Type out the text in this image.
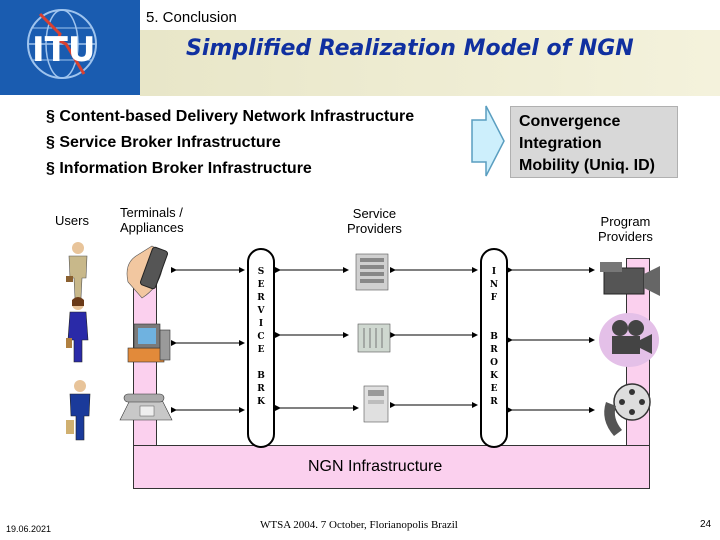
ITU
5. Conclusion
Simplified Realization Model of NGN
§ Content-based Delivery Network Infrastructure
§ Service Broker Infrastructure
§ Information Broker Infrastructure
Convergence
Integration
Mobility (Uniq. ID)
Users
Terminals /
Appliances
Service
Providers	Program
Providers
NGN Infrastructure
S
E
R
V
I
C
E
B
R
K
I
N
F
B
R
O
K
E
R
19.06.2021	WTSA 2004. 7 October, Florianopolis Brazil	24
